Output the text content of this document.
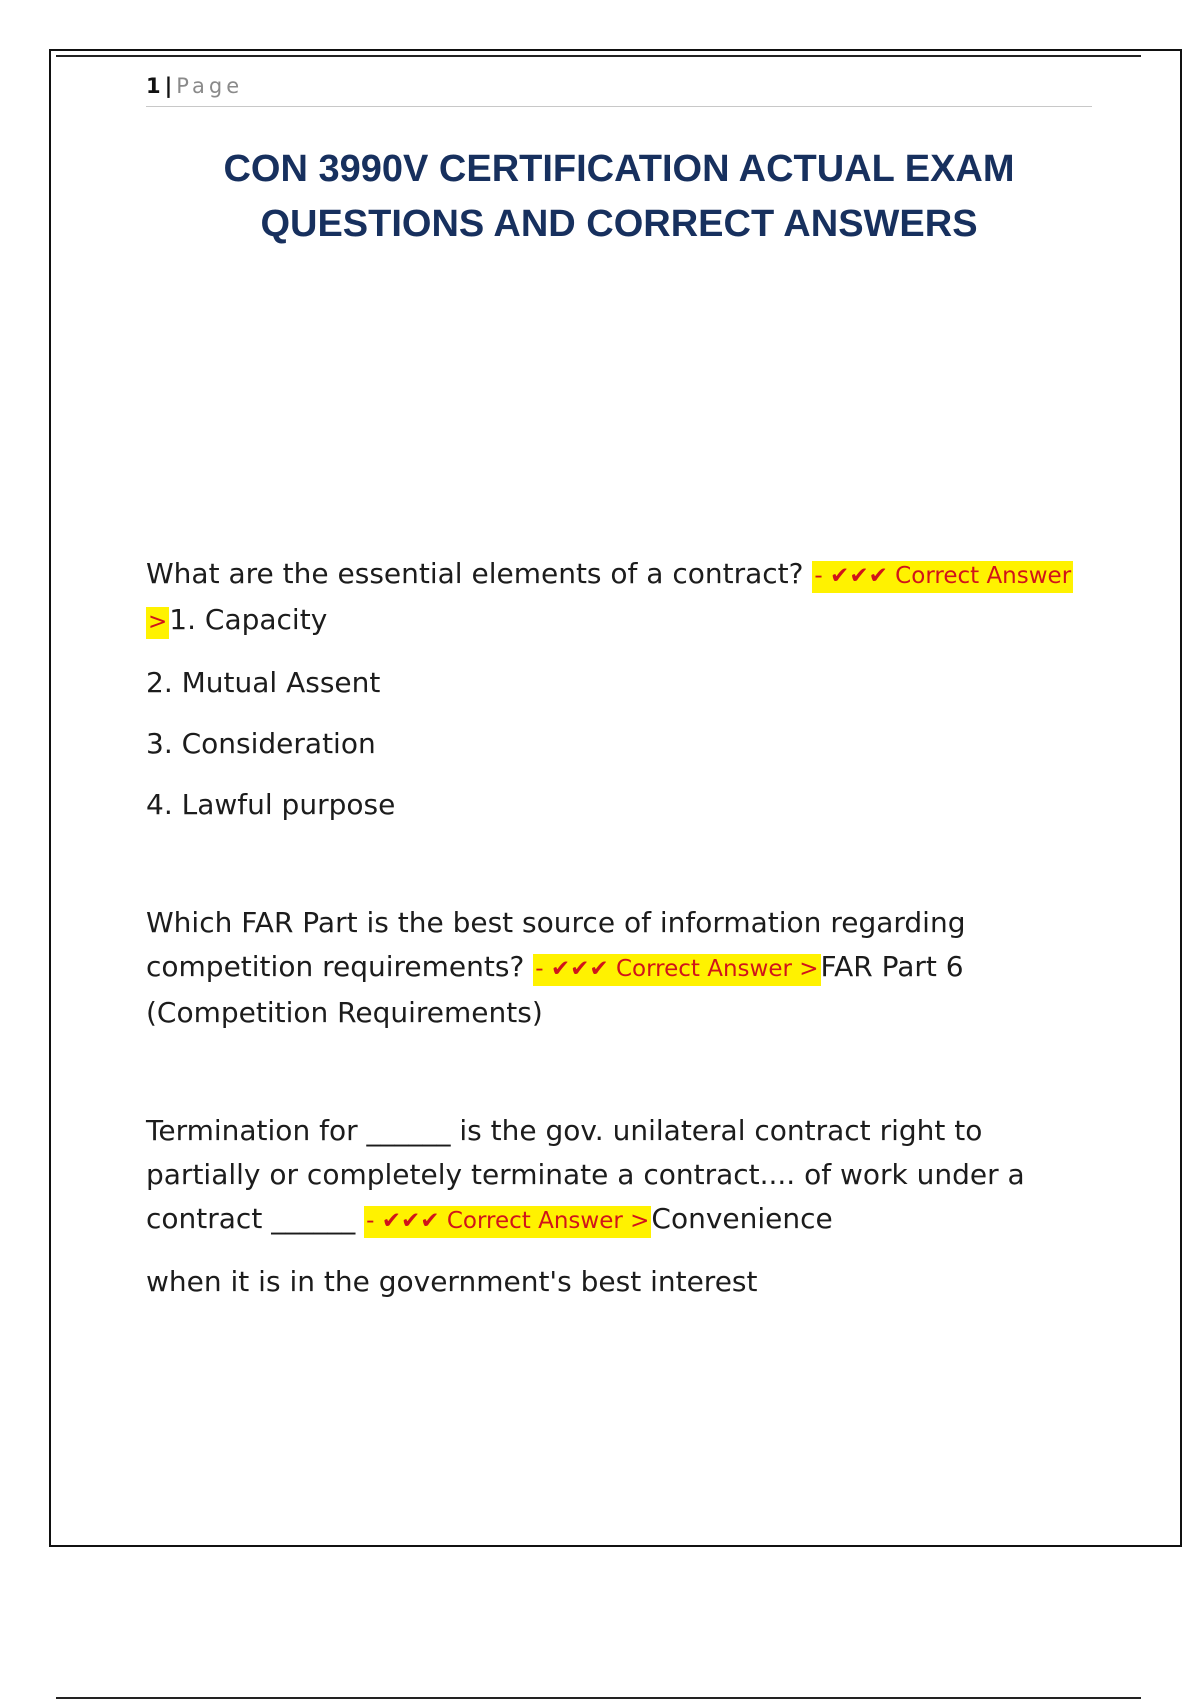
1 | Page
CON 3990V CERTIFICATION ACTUAL EXAM
QUESTIONS AND CORRECT ANSWERS

What are the essential elements of a contract? - ✔✔✔ Correct Answer

>1. Capacity

2. Mutual Assent

3. Consideration

4. Lawful purpose

Which FAR Part is the best source of information regarding

competition requirements? - ✔✔✔ Correct Answer >FAR Part 6

(Competition Requirements)

Termination for ______ is the gov. unilateral contract right to

partially or completely terminate a contract.... of work under a

contract ______ - ✔✔✔ Correct Answer >Convenience

when it is in the government's best interest
